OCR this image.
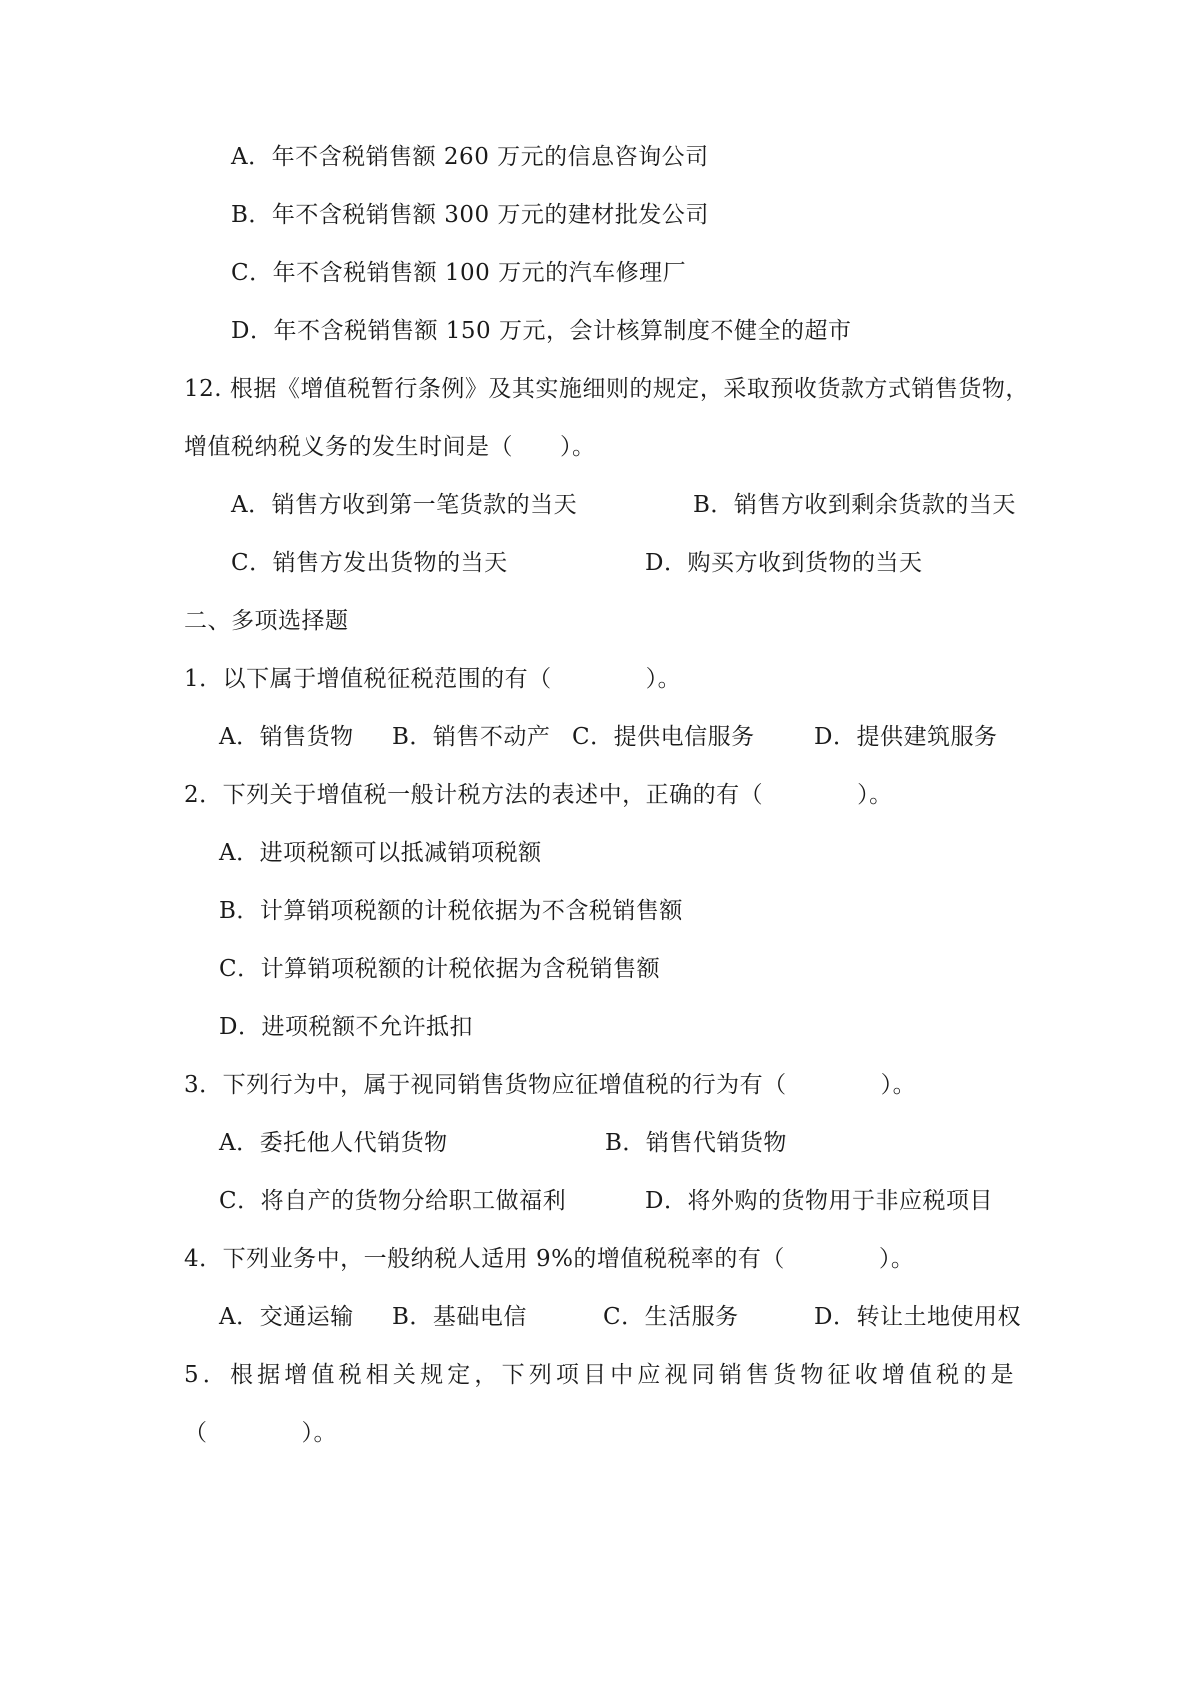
A．年不含税销售额 260 万元的信息咨询公司
B．年不含税销售额 300 万元的建材批发公司
C．年不含税销售额 100 万元的汽车修理厂
D．年不含税销售额 150 万元，会计核算制度不健全的超市
12. 根据《增值税暂行条例》及其实施细则的规定，采取预收货款方式销售货物，
增值税纳税义务的发生时间是（　　）。
A．销售方收到第一笔货款的当天	B．销售方收到剩余货款的当天
C．销售方发出货物的当天	D．购买方收到货物的当天
二、多项选择题
1．以下属于增值税征税范围的有（　　　　）。
A．销售货物 B．销售不动产 C．提供电信服务	D．提供建筑服务
2．下列关于增值税一般计税方法的表述中，正确的有（　　　　）。
A．进项税额可以抵减销项税额
B．计算销项税额的计税依据为不含税销售额
C．计算销项税额的计税依据为含税销售额
D．进项税额不允许抵扣
3．下列行为中，属于视同销售货物应征增值税的行为有（　　　　）。
A．委托他人代销货物	B．销售代销货物
C．将自产的货物分给职工做福利	D．将外购的货物用于非应税项目
4．下列业务中，一般纳税人适用 9%的增值税税率的有（　　　　）。
A．交通运输 B．基础电信	C．生活服务	D．转让土地使用权
5．根据增值税相关规定，下列项目中应视同销售货物征收增值税的是
（　　　　）。
